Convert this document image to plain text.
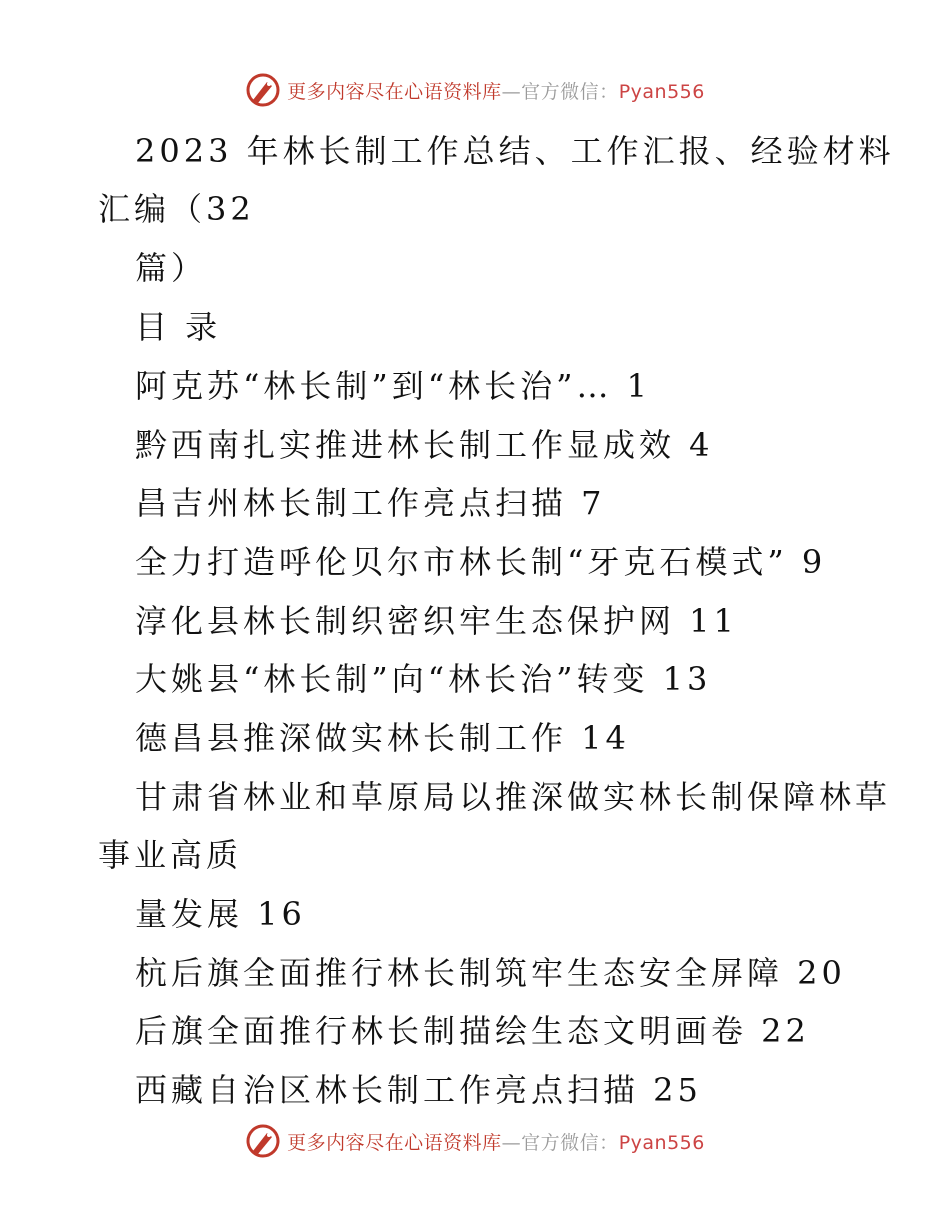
更多内容尽在心语资料库—官方微信：Pyan556
2023 年林长制工作总结、工作汇报、经验材料
汇编（32
篇）
目 录
阿克苏“林长制”到“林长治”… 1
黔西南扎实推进林长制工作显成效 4
昌吉州林长制工作亮点扫描 7
全力打造呼伦贝尔市林长制“牙克石模式” 9
淳化县林长制织密织牢生态保护网 11
大姚县“林长制”向“林长治”转变 13
德昌县推深做实林长制工作 14
甘肃省林业和草原局以推深做实林长制保障林草
事业高质
量发展 16
杭后旗全面推行林长制筑牢生态安全屏障 20
后旗全面推行林长制描绘生态文明画卷 22
西藏自治区林长制工作亮点扫描 25
更多内容尽在心语资料库—官方微信：Pyan556
